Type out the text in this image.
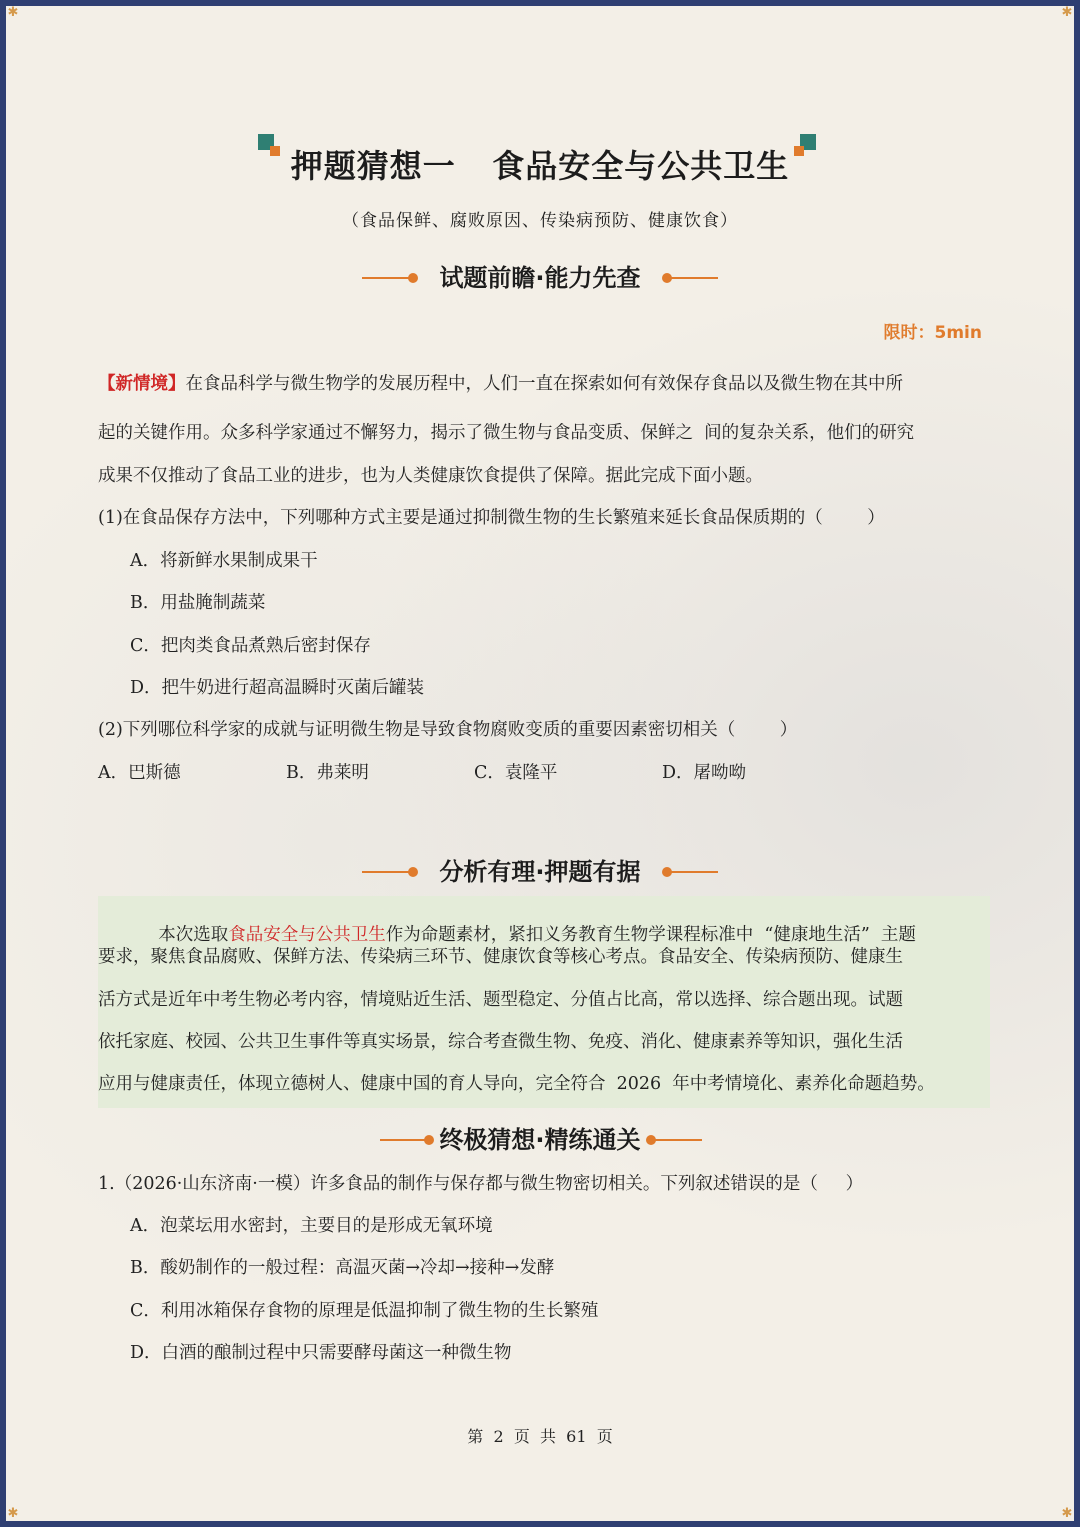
✱	✱
✱	✱
押题猜想一   食品安全与公共卫生
（食品保鲜、腐败原因、传染病预防、健康饮食）
试题前瞻·能力先查
限时：5min
【新情境】在食品科学与微生物学的发展历程中，人们一直在探索如何有效保存食品以及微生物在其中所
起的关键作用。众多科学家通过不懈努力，揭示了微生物与食品变质、保鲜之  间的复杂关系，他们的研究
成果不仅推动了食品工业的进步，也为人类健康饮食提供了保障。据此完成下面小题。
(1)在食品保存方法中，下列哪种方式主要是通过抑制微生物的生长繁殖来延长食品保质期的（        ）
A．将新鲜水果制成果干
B．用盐腌制蔬菜
C．把肉类食品煮熟后密封保存
D．把牛奶进行超高温瞬时灭菌后罐装
(2)下列哪位科学家的成就与证明微生物是导致食物腐败变质的重要因素密切相关（        ）
A．巴斯德	B．弗莱明	C．袁隆平	D．屠呦呦
分析有理·押题有据

本次选取食品安全与公共卫生作为命题素材，紧扣义务教育生物学课程标准中  “健康地生活”  主题

要求，聚焦食品腐败、保鲜方法、传染病三环节、健康饮食等核心考点。食品安全、传染病预防、健康生
活方式是近年中考生物必考内容，情境贴近生活、题型稳定、分值占比高，常以选择、综合题出现。试题
依托家庭、校园、公共卫生事件等真实场景，综合考查微生物、免疫、消化、健康素养等知识，强化生活
应用与健康责任，体现立德树人、健康中国的育人导向，完全符合  2026  年中考情境化、素养化命题趋势。
终极猜想·精练通关
1.（2026·山东济南·一模）许多食品的制作与保存都与微生物密切相关。下列叙述错误的是（     ）
A．泡菜坛用水密封，主要目的是形成无氧环境
B．酸奶制作的一般过程：高温灭菌→冷却→接种→发酵
C．利用冰箱保存食物的原理是低温抑制了微生物的生长繁殖
D．白酒的酿制过程中只需要酵母菌这一种微生物
第  2  页  共  61  页
